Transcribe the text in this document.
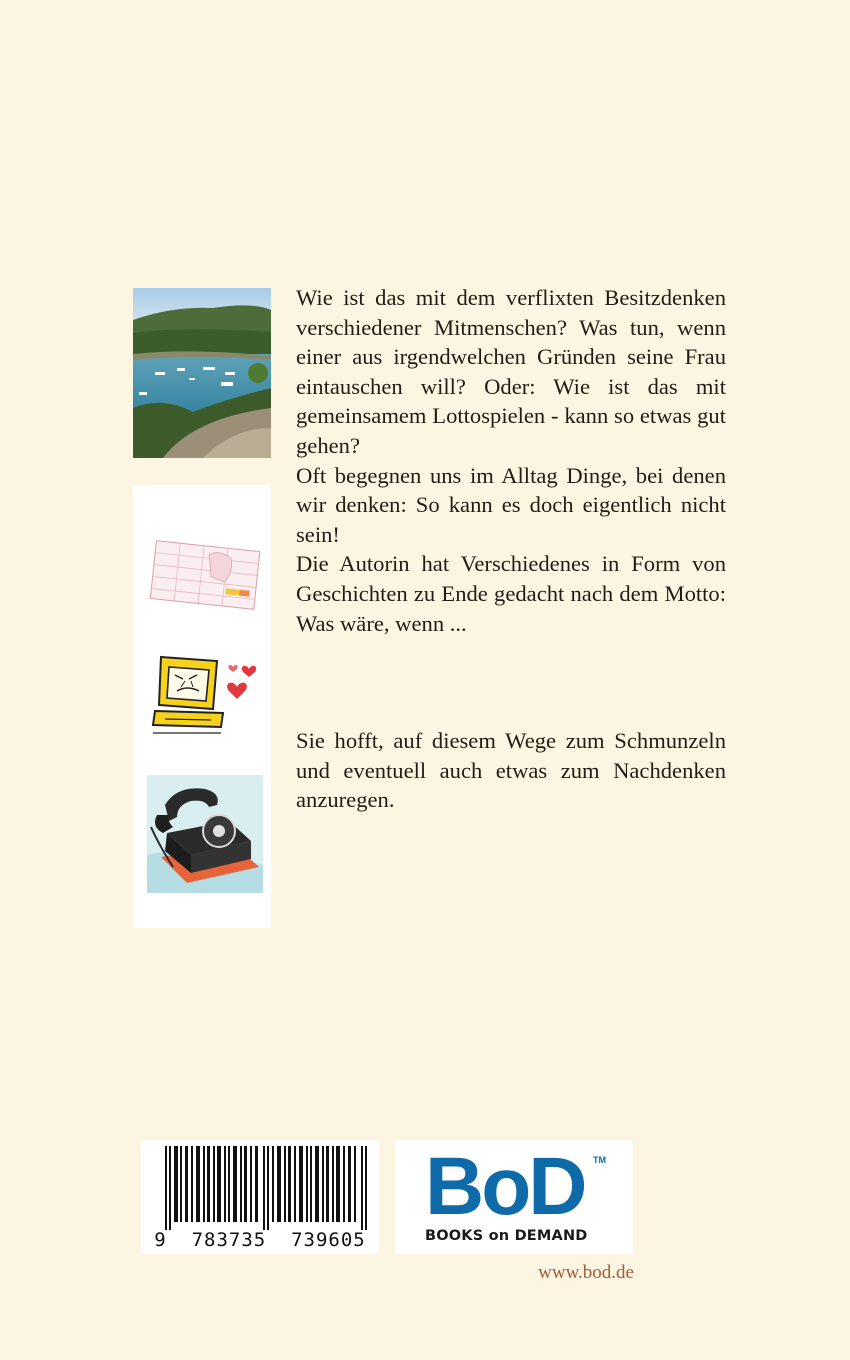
Wie ist das mit dem verflixten Besitzdenken verschiedener Mitmenschen? Was tun, wenn einer aus irgendwelchen Gründen seine Frau eintauschen will? Oder: Wie ist das mit gemeinsamem Lottospielen - kann so etwas gut gehen?

Oft begegnen uns im Alltag Dinge, bei denen wir denken: So kann es doch eigentlich nicht sein!

Die Autorin hat Verschiedenes in Form von Geschichten zu Ende gedacht nach dem Motto: Was wäre, wenn ...

Sie hofft, auf diesem Wege zum Schmunzeln und eventuell auch etwas zum Nachdenken anzuregen.

9  783735  739605
BoD TM
BOOKS on DEMAND
www.bod.de
